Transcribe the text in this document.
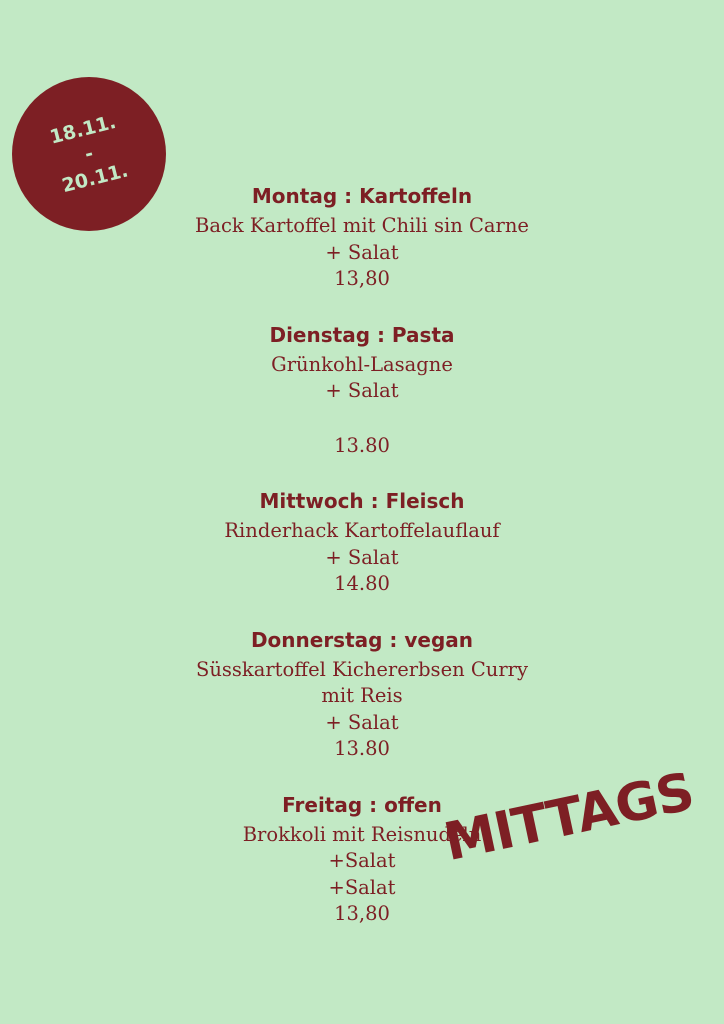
18.11.
-
20.11.	Montag : Kartoffeln
Back Kartoffel mit Chili sin Carne
+ Salat
13,80
Dienstag : Pasta
Grünkohl-Lasagne
+ Salat
13.80
Mittwoch : Fleisch
Rinderhack Kartoffelauflauf
+ Salat
14.80
Donnerstag : vegan
Süsskartoffel Kichererbsen Curry
mit Reis
+ Salat
13.80
Freitag : offen
Brokkoli mit Reisnudeln
+Salat
+Salat
13,80
MITTAGS
